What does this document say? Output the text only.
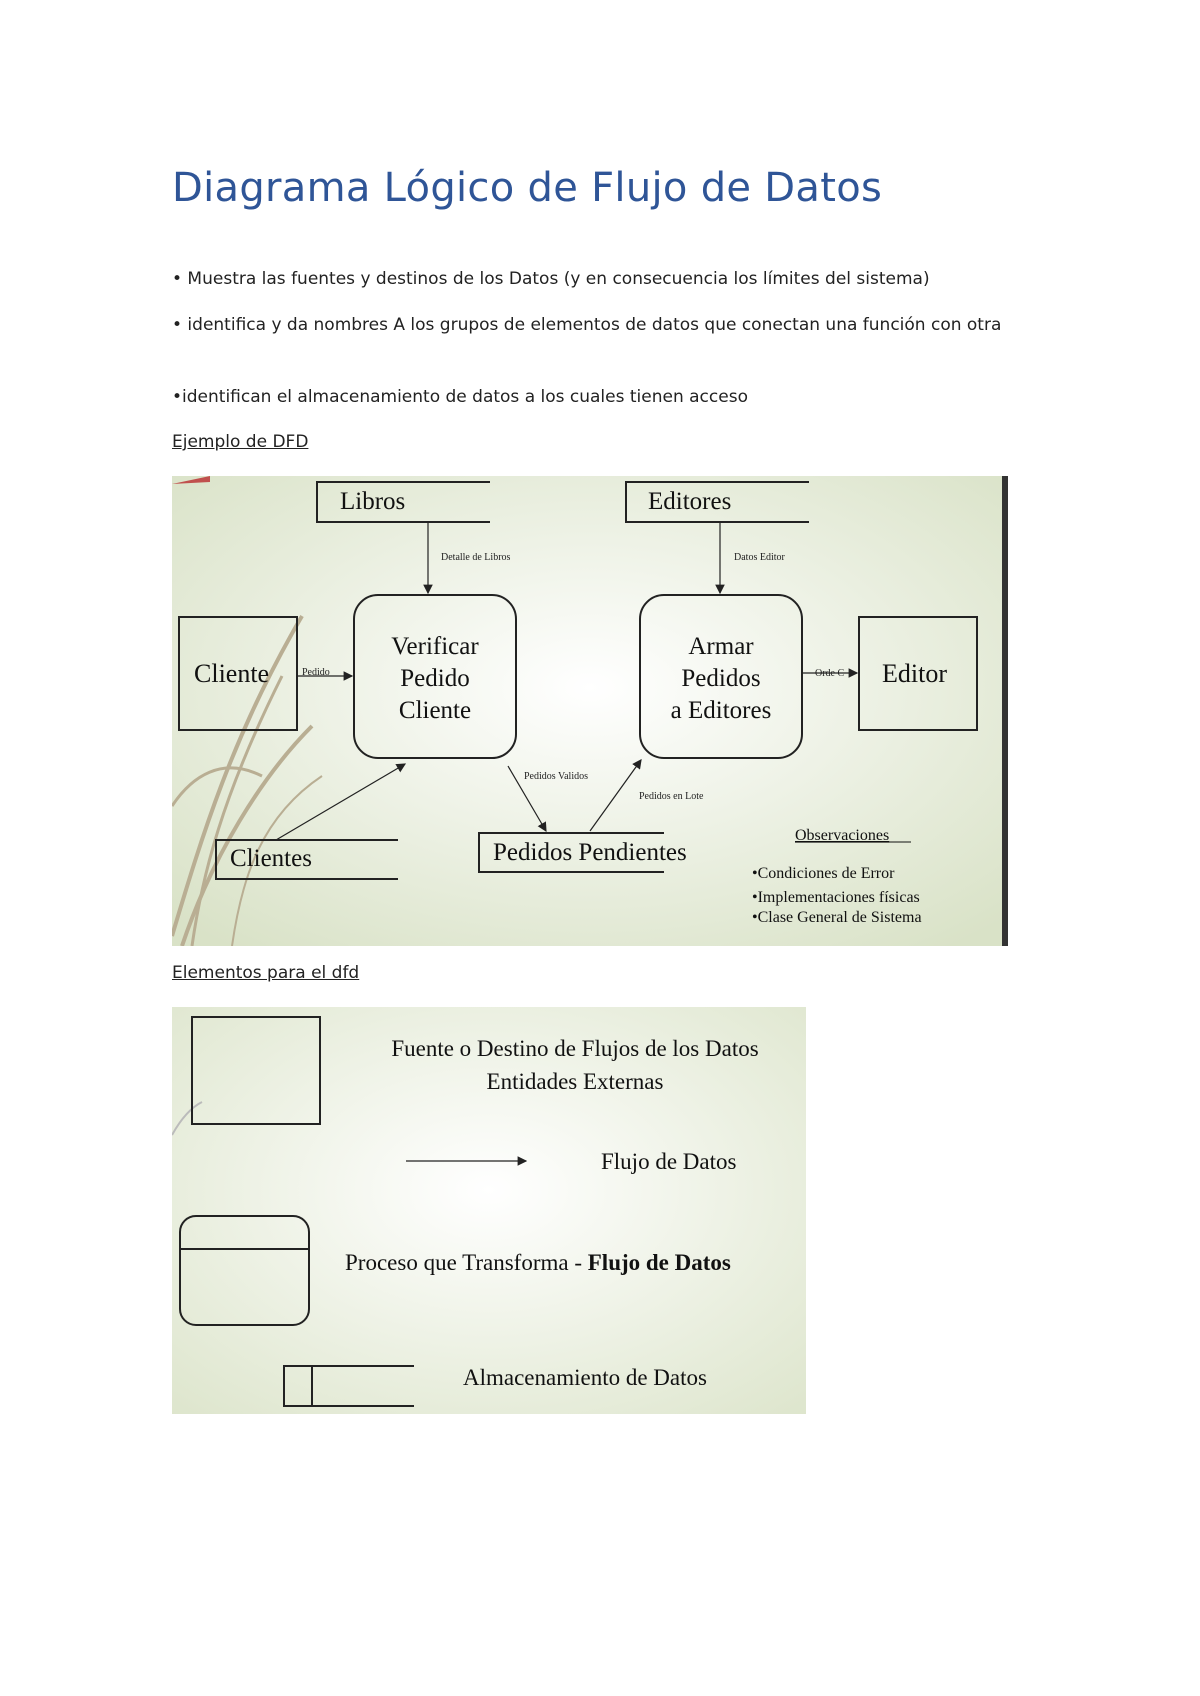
Diagrama Lógico de Flujo de Datos

• Muestra las fuentes y destinos de los Datos (y en consecuencia los límites del sistema)

• identifica y da nombres A los grupos de elementos de datos que conectan una función con otra

•identifican el almacenamiento de datos a los cuales tienen acceso

Ejemplo de DFD

Libros	Editores
Clientes	Pedidos Pendientes
Cliente	Editor
Verificar
Pedido
Cliente
Armar
Pedidos
a Editores
Detalle de Libros	Datos Editor
Pedido	Orde C
Pedidos Validos
Pedidos en Lote
Observaciones
•Condiciones de Error
•Implementaciones físicas
•Clase General de Sistema

Elementos para el dfd

Fuente o Destino de Flujos de los Datos
Entidades Externas
Flujo de Datos
Proceso que Transforma - Flujo de Datos
Almacenamiento de Datos
